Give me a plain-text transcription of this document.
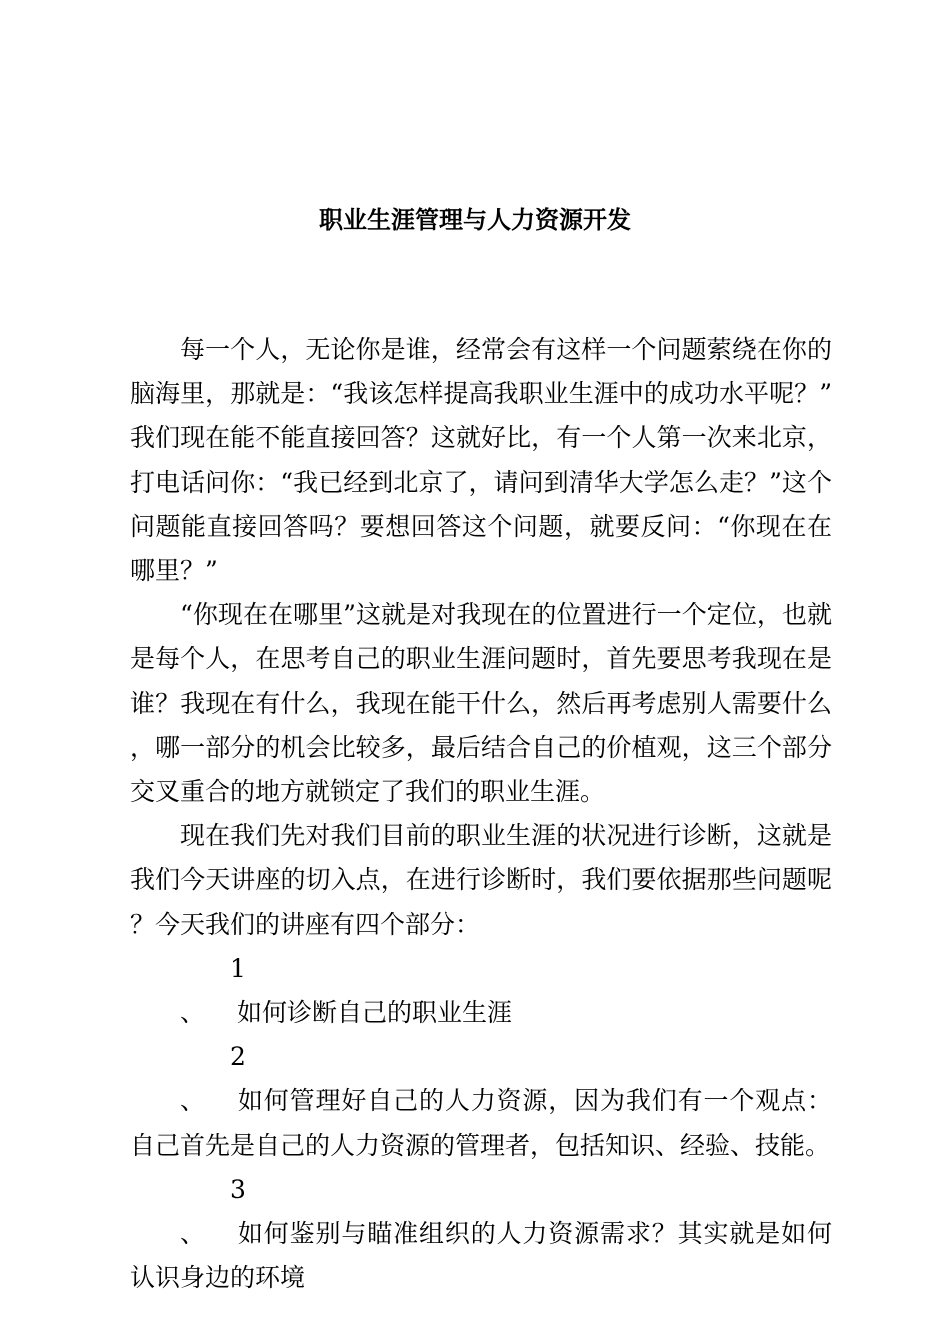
职业生涯管理与人力资源开发

每一个人，无论你是谁，经常会有这样一个问题萦绕在你的脑海里，那就是：“我该怎样提高我职业生涯中的成功水平呢？”我们现在能不能直接回答？这就好比，有一个人第一次来北京，打电话问你：“我已经到北京了，请问到清华大学怎么走？”这个问题能直接回答吗？要想回答这个问题，就要反问：“你现在在哪里？”

“你现在在哪里”这就是对我现在的位置进行一个定位，也就是每个人，在思考自己的职业生涯问题时，首先要思考我现在是谁？我现在有什么，我现在能干什么，然后再考虑别人需要什么，哪一部分的机会比较多，最后结合自己的价植观，这三个部分交叉重合的地方就锁定了我们的职业生涯。

现在我们先对我们目前的职业生涯的状况进行诊断，这就是我们今天讲座的切入点，在进行诊断时，我们要依据那些问题呢？今天我们的讲座有四个部分：

1、 如何诊断自己的职业生涯

2、 如何管理好自己的人力资源，因为我们有一个观点：自己首先是自己的人力资源的管理者，包括知识、经验、技能。

3、 如何鉴别与瞄准组织的人力资源需求？其实就是如何认识身边的环境
